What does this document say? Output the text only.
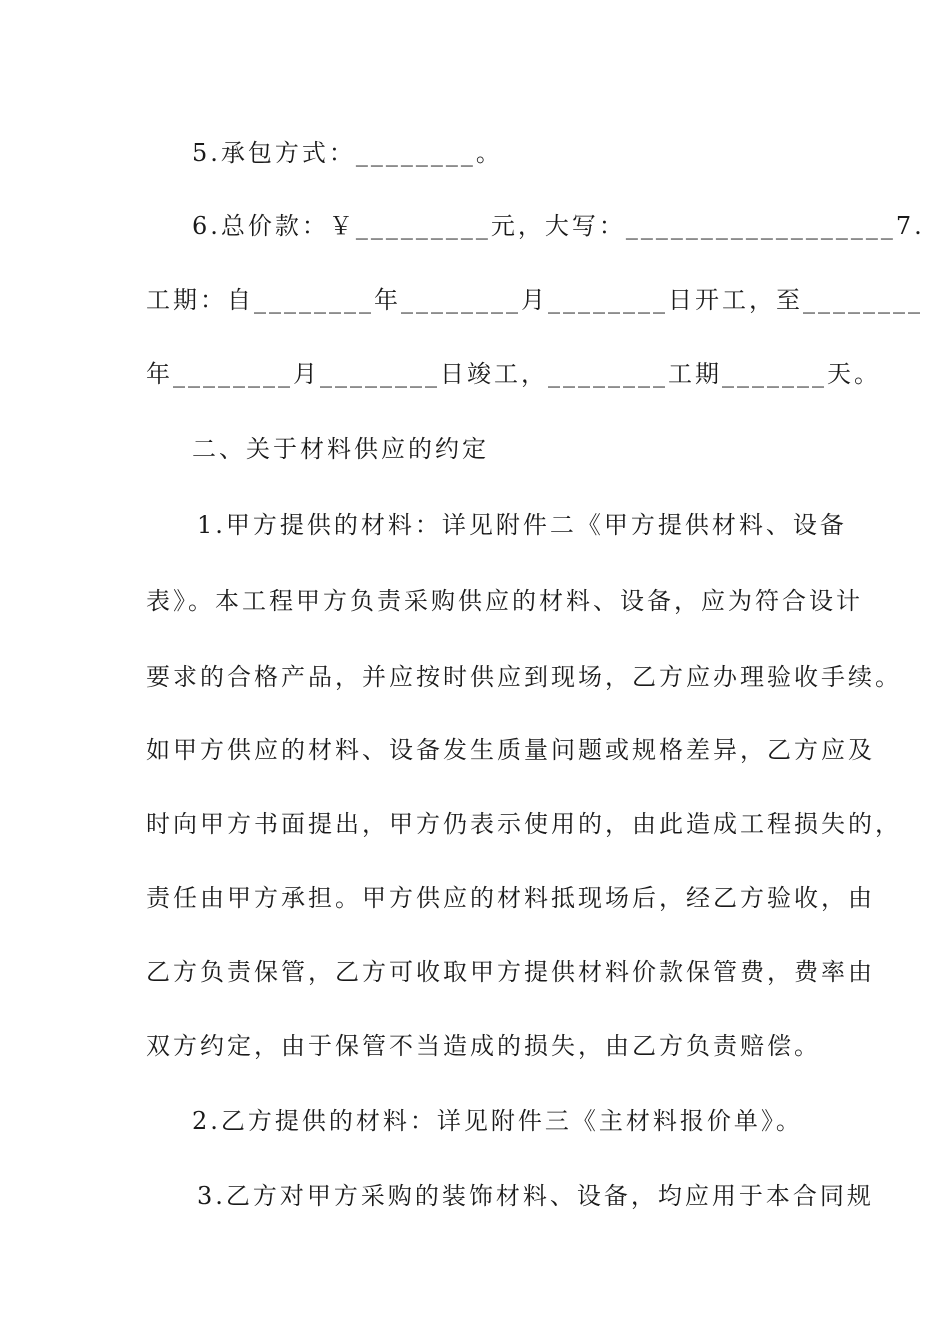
5.承包方式：________。
6.总价款：￥_________元，大写：__________________7.
工期：自________年________月________日开工，至________
年________月________日竣工，________工期_______天。
二、关于材料供应的约定
1.甲方提供的材料：详见附件二《甲方提供材料、设备
表》。本工程甲方负责采购供应的材料、设备，应为符合设计
要求的合格产品，并应按时供应到现场，乙方应办理验收手续。
如甲方供应的材料、设备发生质量问题或规格差异，乙方应及
时向甲方书面提出，甲方仍表示使用的，由此造成工程损失的，
责任由甲方承担。甲方供应的材料抵现场后，经乙方验收，由
乙方负责保管，乙方可收取甲方提供材料价款保管费，费率由
双方约定，由于保管不当造成的损失，由乙方负责赔偿。
2.乙方提供的材料：详见附件三《主材料报价单》。
3.乙方对甲方采购的装饰材料、设备，均应用于本合同规
